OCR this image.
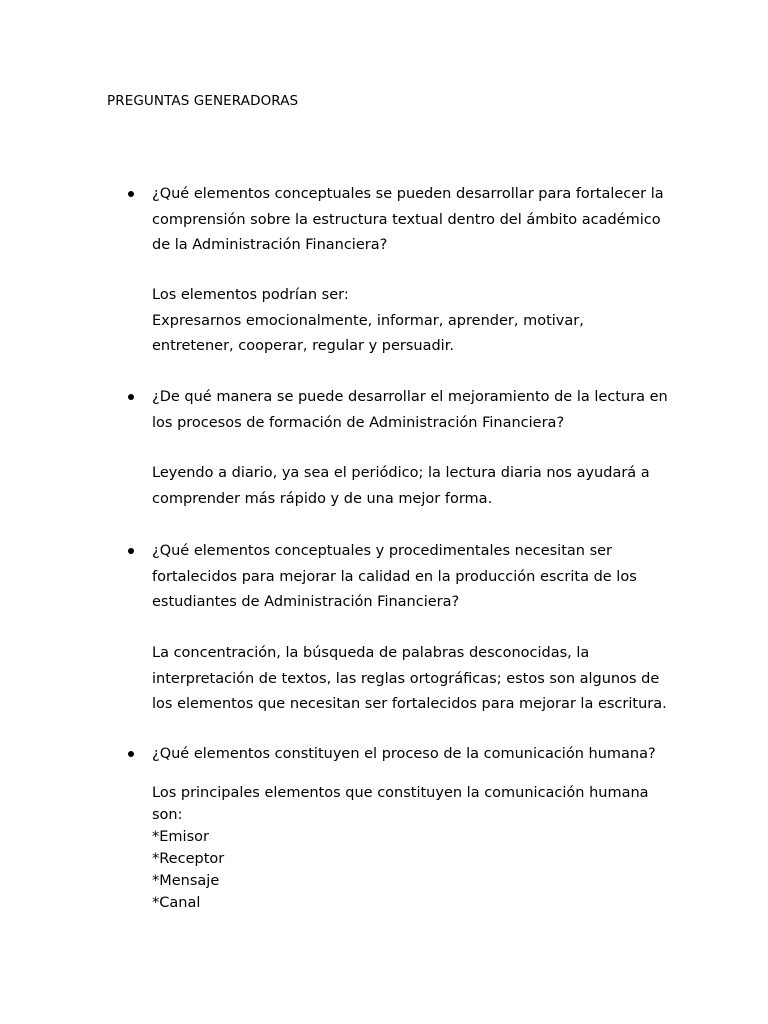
PREGUNTAS GENERADORAS

¿Qué elementos conceptuales se pueden desarrollar para fortalecer la
comprensión sobre la estructura textual dentro del ámbito académico
de la Administración Financiera?

Los elementos podrían ser:
Expresarnos emocionalmente, informar, aprender, motivar,
entretener, cooperar, regular y persuadir.

¿De qué manera se puede desarrollar el mejoramiento de la lectura en
los procesos de formación de Administración Financiera?

Leyendo a diario, ya sea el periódico; la lectura diaria nos ayudará a
comprender más rápido y de una mejor forma.

¿Qué elementos conceptuales y procedimentales necesitan ser
fortalecidos para mejorar la calidad en la producción escrita de los
estudiantes de Administración Financiera?

La concentración, la búsqueda de palabras desconocidas, la
interpretación de textos, las reglas ortográficas; estos son algunos de
los elementos que necesitan ser fortalecidos para mejorar la escritura.

¿Qué elementos constituyen el proceso de la comunicación humana?

Los principales elementos que constituyen la comunicación humana
son:
*Emisor
*Receptor
*Mensaje
*Canal
